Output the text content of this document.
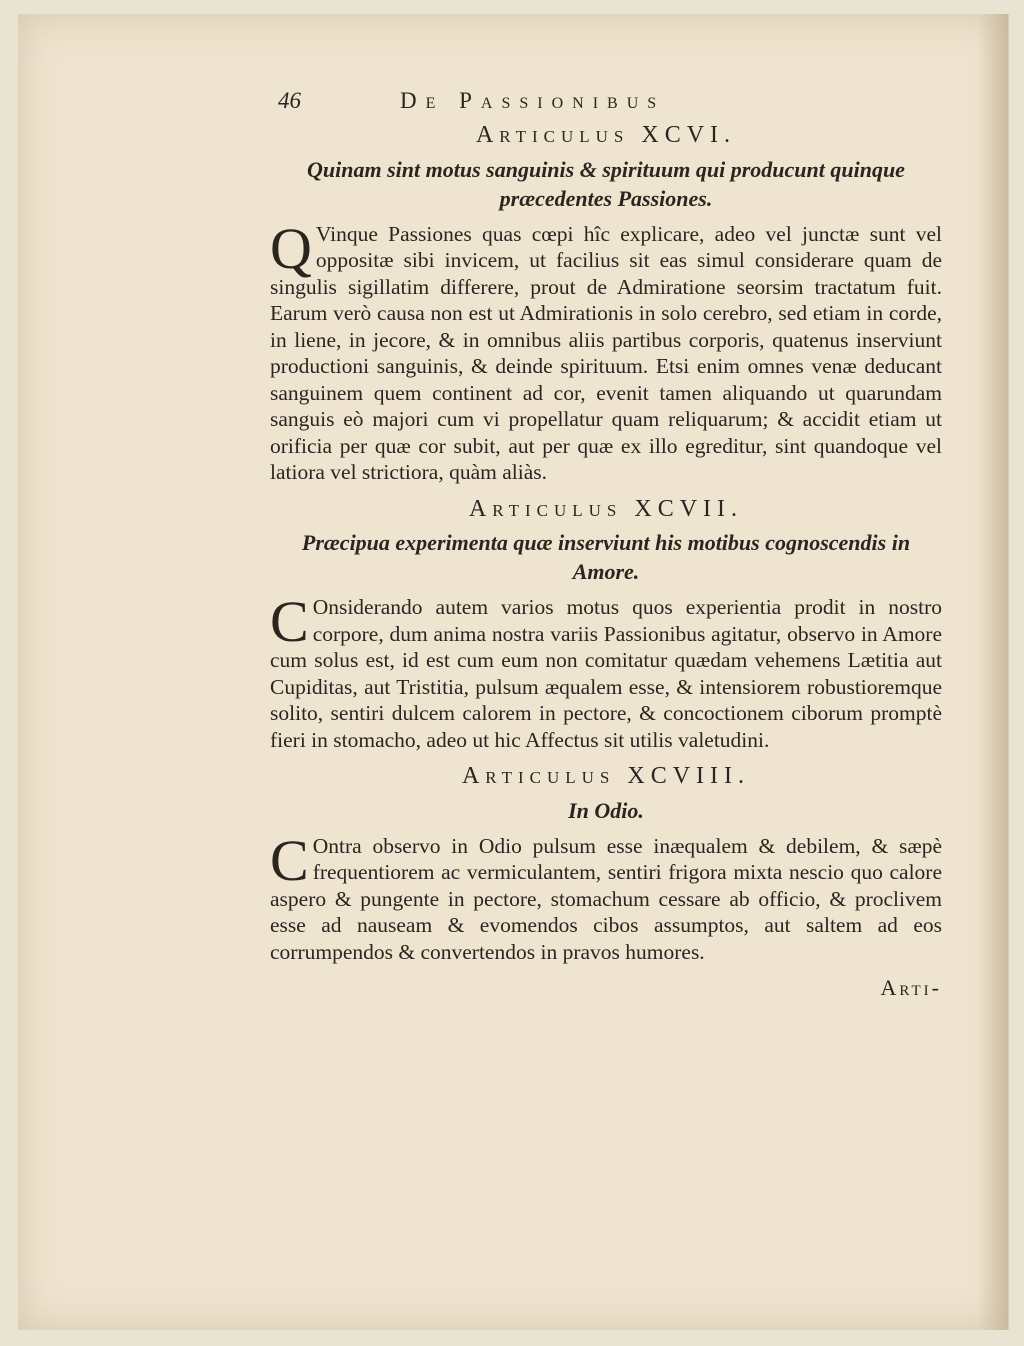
46	De Passionibus
Articulus XCVI.
Quinam sint motus sanguinis & spirituum qui producunt quinque præcedentes Passiones.
Q Vinque Passiones quas cœpi hîc explicare, adeo vel junctæ sunt vel oppositæ sibi invicem, ut facilius sit eas simul considerare quam de singulis sigillatim differere, prout de Admiratione seorsim tractatum fuit. Earum verò causa non est ut Admirationis in solo cerebro, sed etiam in corde, in liene, in jecore, & in omnibus aliis partibus corporis, quatenus inserviunt productioni sanguinis, & deinde spirituum. Etsi enim omnes venæ deducant sanguinem quem continent ad cor, evenit tamen aliquando ut quarundam sanguis eò majori cum vi propellatur quam reliquarum; & accidit etiam ut orificia per quæ cor subit, aut per quæ ex illo egreditur, sint quandoque vel latiora vel strictiora, quàm aliàs.
Articulus XCVII.
Præcipua experimenta quæ inserviunt his motibus cognoscendis in Amore.
C Onsiderando autem varios motus quos experientia prodit in nostro corpore, dum anima nostra variis Passionibus agitatur, observo in Amore cum solus est, id est cum eum non comitatur quædam vehemens Lætitia aut Cupiditas, aut Tristitia, pulsum æqualem esse, & intensiorem robustioremque solito, sentiri dulcem calorem in pectore, & concoctionem ciborum promptè fieri in stomacho, adeo ut hic Affectus sit utilis valetudini.
Articulus XCVIII.
In Odio.
C Ontra observo in Odio pulsum esse inæqualem & debilem, & sæpè frequentiorem ac vermiculantem, sentiri frigora mixta nescio quo calore aspero & pungente in pectore, stomachum cessare ab officio, & proclivem esse ad nauseam & evomendos cibos assumptos, aut saltem ad eos corrumpendos & convertendos in pravos humores.
Arti-
